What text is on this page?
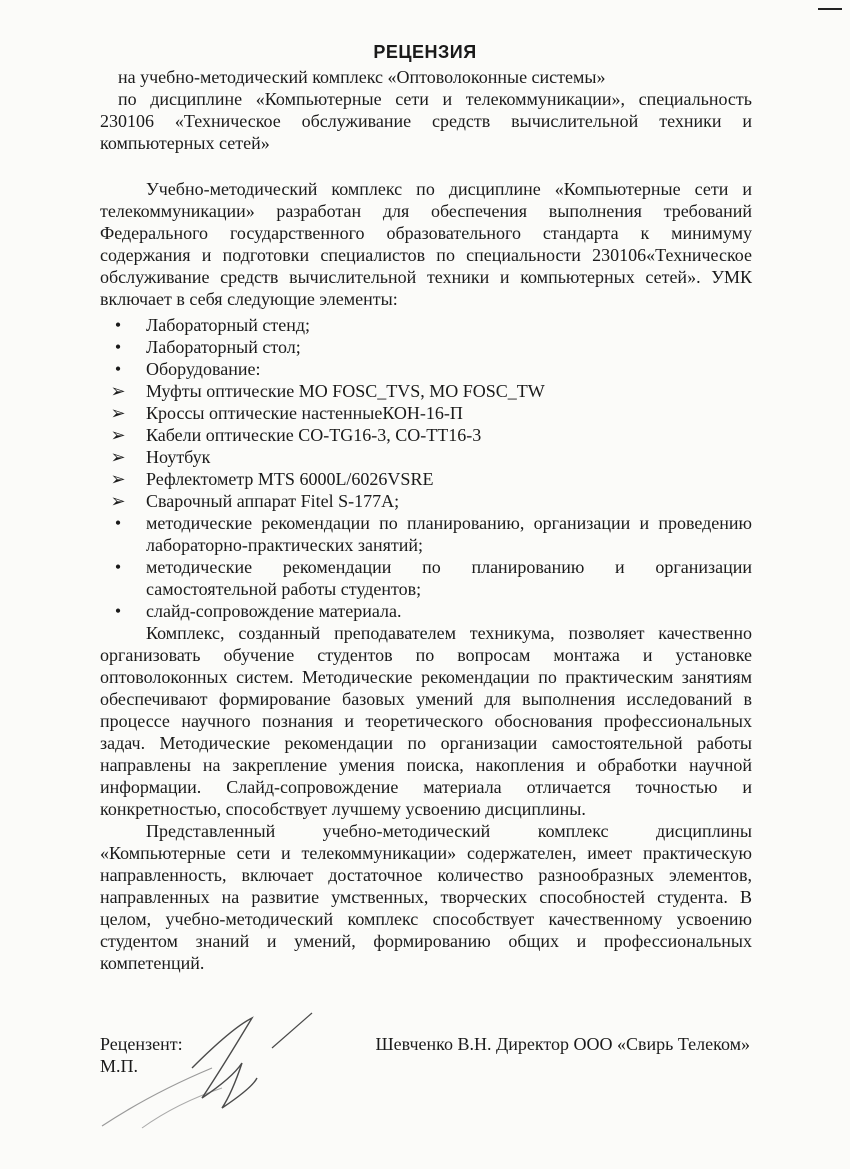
РЕЦЕНЗИЯ

на учебно-методический комплекс «Оптоволоконные системы»

по дисциплине «Компьютерные сети и телекоммуникации», специальность 230106 «Техническое обслуживание средств вычислительной техники и компьютерных сетей»

Учебно-методический комплекс по дисциплине «Компьютерные сети и телекоммуникации» разработан для обеспечения выполнения требований Федерального государственного образовательного стандарта к минимуму содержания и подготовки специалистов по специальности 230106«Техническое обслуживание средств вычислительной техники и компьютерных сетей». УМК включает в себя следующие элементы:

•	Лабораторный стенд;
•	Лабораторный стол;
•	Оборудование:
➢ Муфты оптические МО FOSC_TVS, МО FOSC_TW
➢ Кроссы оптические настенныеКОН-16-П
➢ Кабели оптические СО-TG16-3, СО-TT16-3
➢ Ноутбук
➢ Рефлектометр MTS 6000L/6026VSRE
➢ Сварочный аппарат Fitel S-177A;
•	методические рекомендации по планированию, организации и проведению лабораторно-практических занятий;
•	методические рекомендации по планированию и организации самостоятельной работы студентов;
•	слайд-сопровождение материала.

Комплекс, созданный преподавателем техникума, позволяет качественно организовать обучение студентов по вопросам монтажа и установке оптоволоконных систем. Методические рекомендации по практическим занятиям обеспечивают формирование базовых умений для выполнения исследований в процессе научного познания и теоретического обоснования профессиональных задач. Методические рекомендации по организации самостоятельной работы направлены на закрепление умения поиска, накопления и обработки научной информации. Слайд-сопровождение материала отличается точностью и конкретностью, способствует лучшему усвоению дисциплины.

Представленный учебно-методический комплекс дисциплины «Компьютерные сети и телекоммуникации» содержателен, имеет практическую направленность, включает достаточное количество разнообразных элементов, направленных на развитие умственных, творческих способностей студента. В целом, учебно-методический комплекс способствует качественному усвоению студентом знаний и умений, формированию общих и профессиональных компетенций.

Рецензент:
М.П.
Шевченко В.Н. Директор ООО «Свирь Телеком»
